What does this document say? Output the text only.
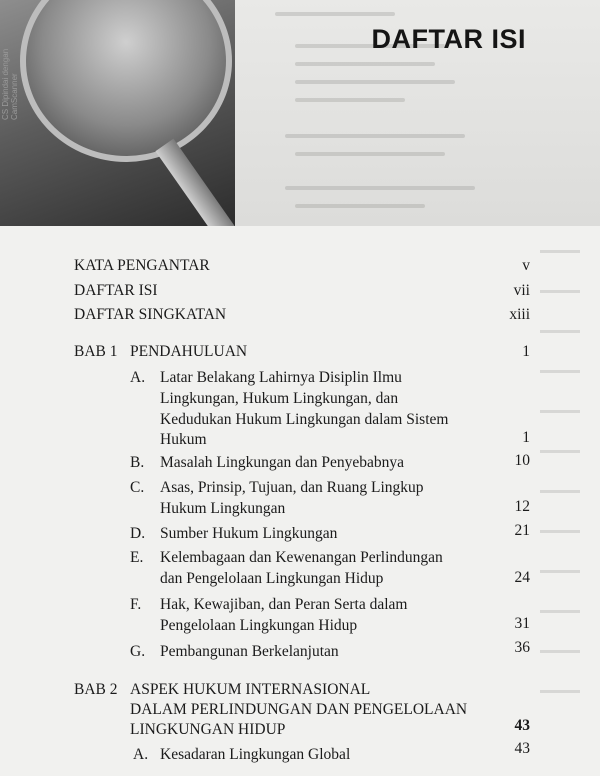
CS Dipindai dengan CamScanner
DAFTAR ISI
KATA PENGANTAR	v
DAFTAR ISI	vii
DAFTAR SINGKATAN	xiii
BAB 1 PENDAHULUAN	1
A. Latar Belakang Lahirnya Disiplin Ilmu
Lingkungan, Hukum Lingkungan, dan
Kedudukan Hukum Lingkungan dalam Sistem
Hukum	1
B. Masalah Lingkungan dan Penyebabnya	10
C. Asas, Prinsip, Tujuan, dan Ruang Lingkup
Hukum Lingkungan	12
D. Sumber Hukum Lingkungan	21
E. Kelembagaan dan Kewenangan Perlindungan
dan Pengelolaan Lingkungan Hidup	24
F. Hak, Kewajiban, dan Peran Serta dalam
Pengelolaan Lingkungan Hidup	31
G. Pembangunan Berkelanjutan	36
BAB 2 ASPEK HUKUM INTERNASIONAL
DALAM PERLINDUNGAN DAN PENGELOLAAN
LINGKUNGAN HIDUP	43
A. Kesadaran Lingkungan Global	43
